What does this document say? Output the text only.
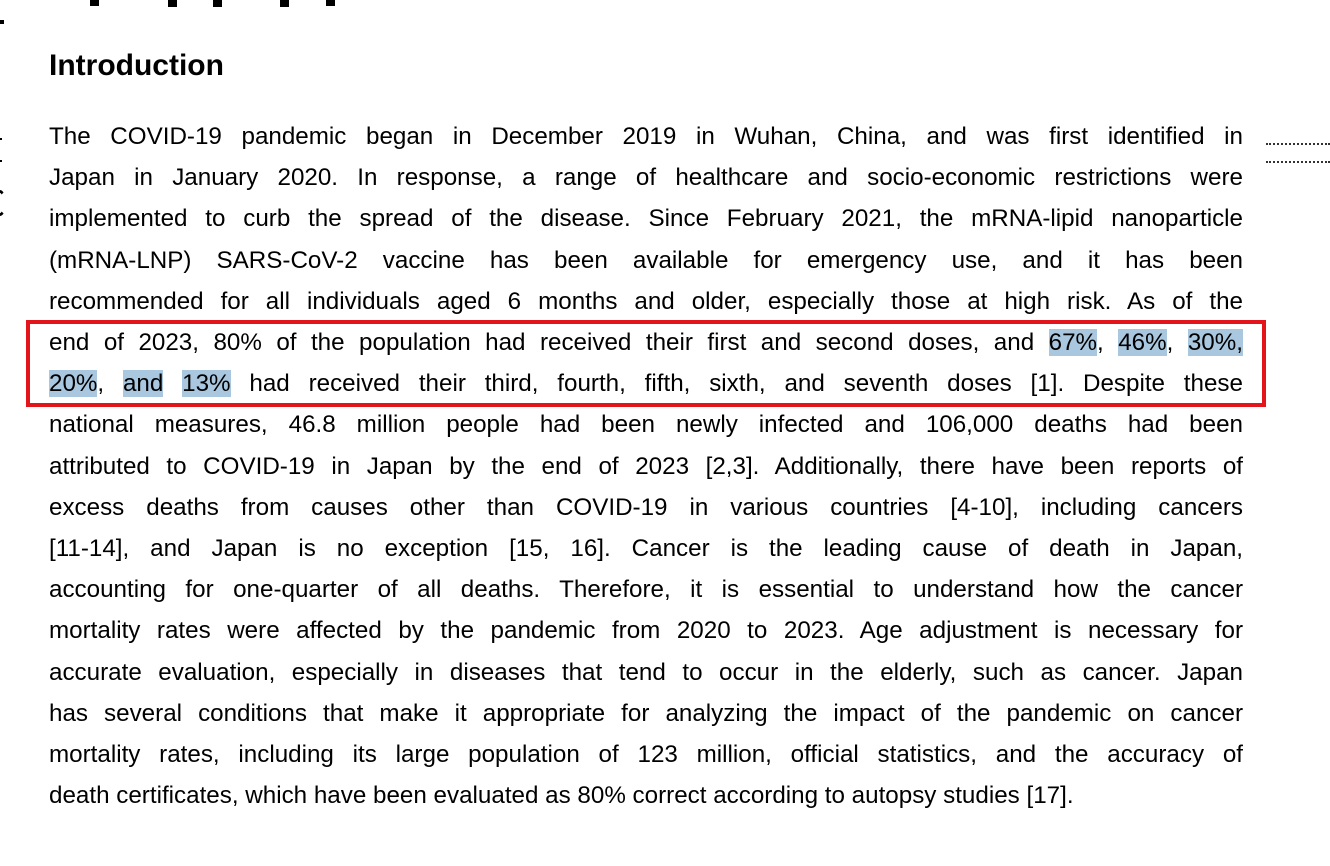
Introduction

The COVID-19 pandemic began in December 2019 in Wuhan, China, and was first identified in
Japan in January 2020. In response, a range of healthcare and socio-economic restrictions were
implemented to curb the spread of the disease. Since February 2021, the mRNA-lipid nanoparticle
(mRNA-LNP) SARS-CoV-2 vaccine has been available for emergency use, and it has been
recommended for all individuals aged 6 months and older, especially those at high risk. As of the
end of 2023, 80% of the population had received their first and second doses, and 67%, 46%, 30%,
20%, and 13% had received their third, fourth, fifth, sixth, and seventh doses [1]. Despite these
national measures, 46.8 million people had been newly infected and 106,000 deaths had been
attributed to COVID-19 in Japan by the end of 2023 [2,3]. Additionally, there have been reports of
excess deaths from causes other than COVID-19 in various countries [4-10], including cancers
[11-14], and Japan is no exception [15, 16]. Cancer is the leading cause of death in Japan,
accounting for one-quarter of all deaths. Therefore, it is essential to understand how the cancer
mortality rates were affected by the pandemic from 2020 to 2023. Age adjustment is necessary for
accurate evaluation, especially in diseases that tend to occur in the elderly, such as cancer. Japan
has several conditions that make it appropriate for analyzing the impact of the pandemic on cancer
mortality rates, including its large population of 123 million, official statistics, and the accuracy of
death certificates, which have been evaluated as 80% correct according to autopsy studies [17].
